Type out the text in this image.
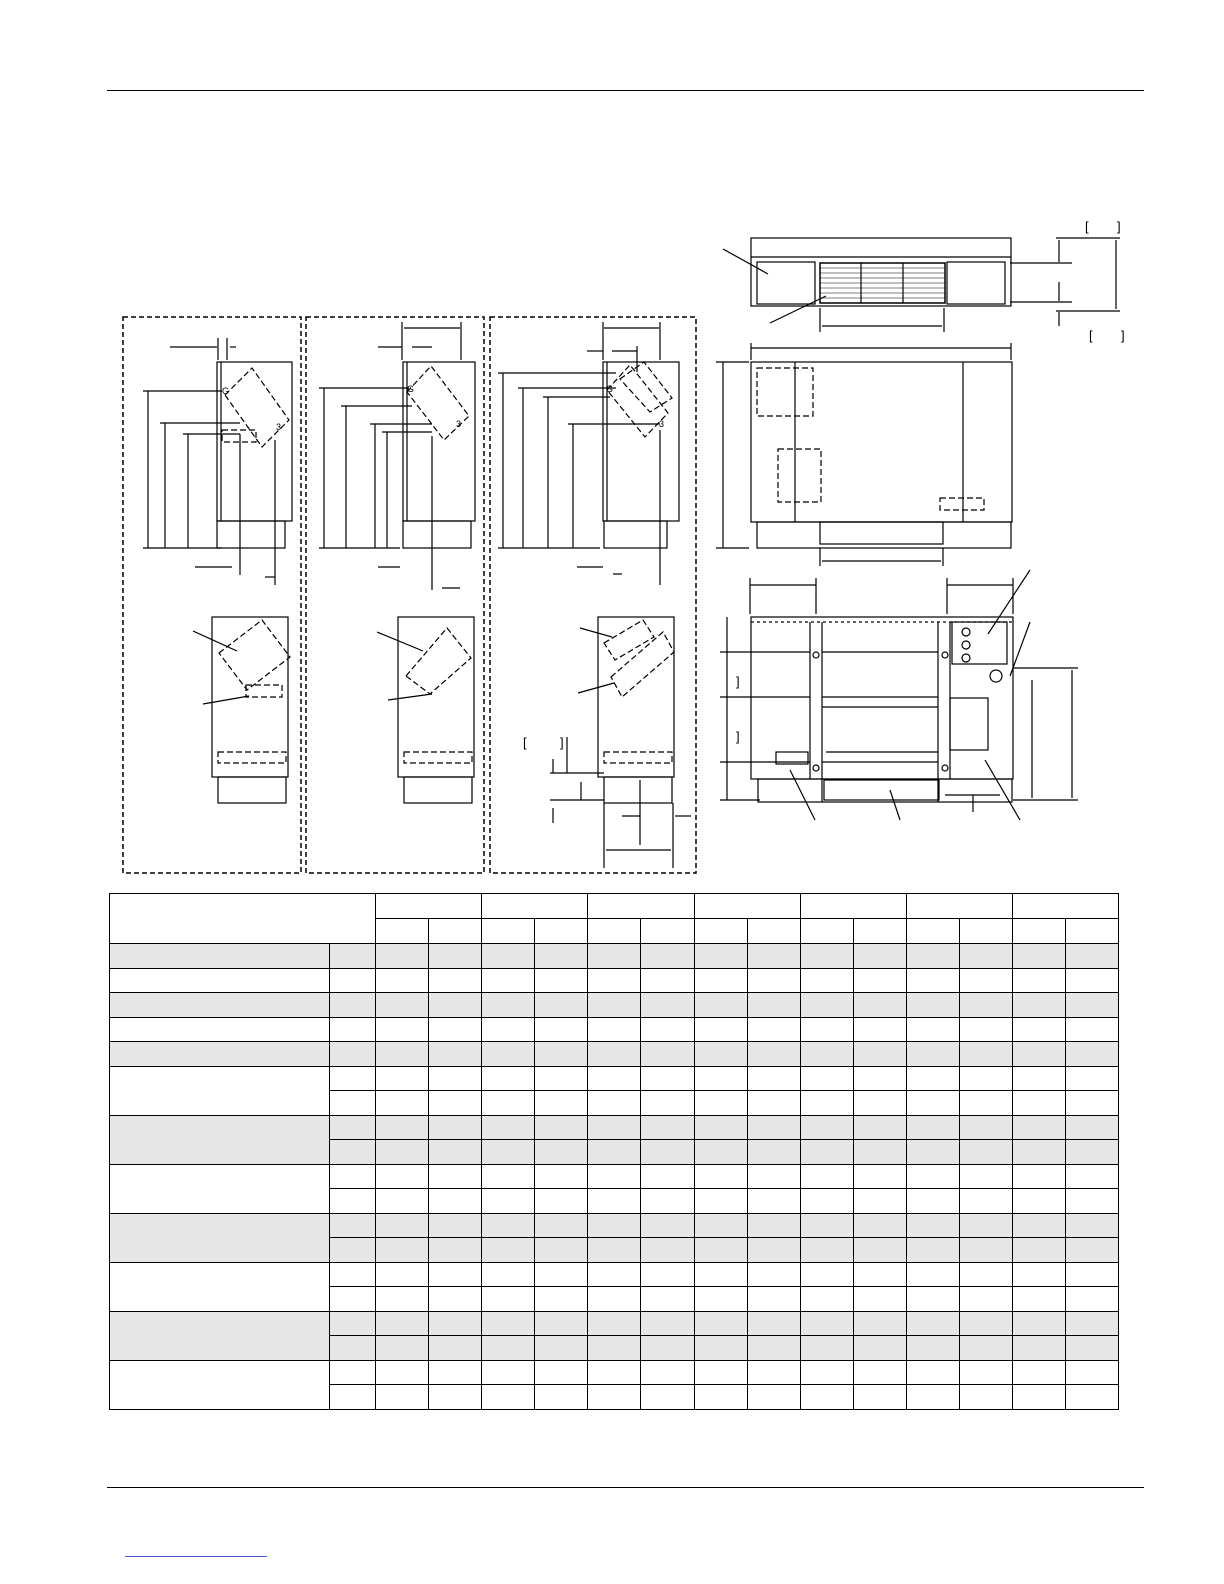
G
3
G
3
G
3
[	]
[ ]
[ ]
]
]
